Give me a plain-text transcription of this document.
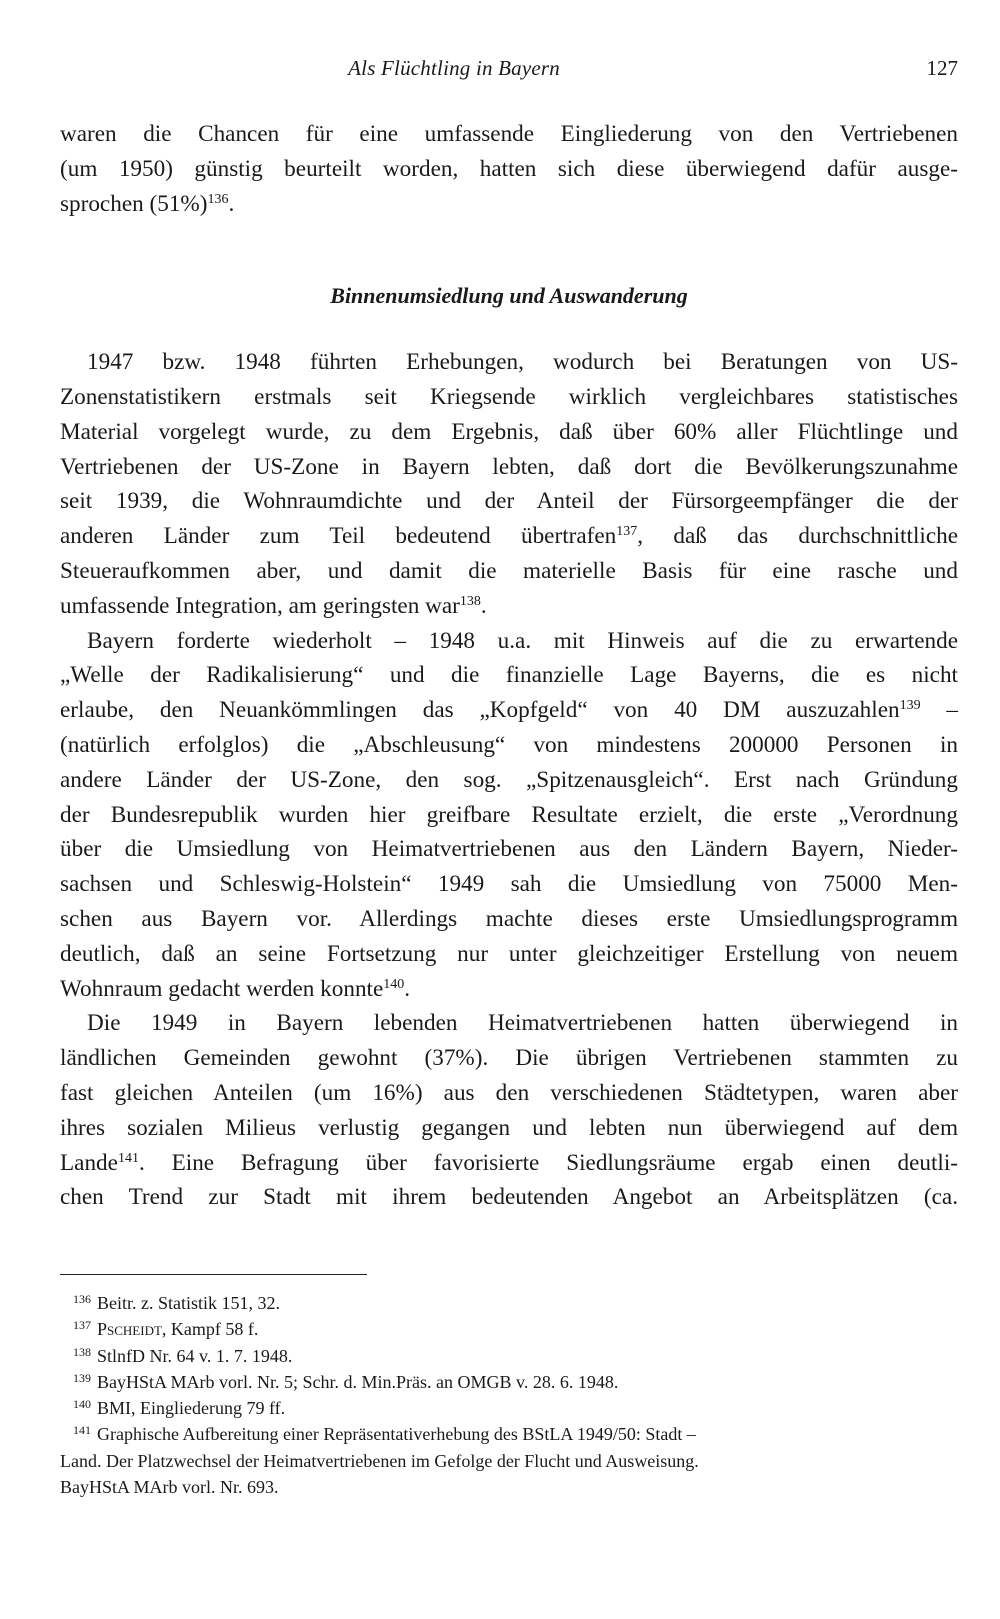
Als Flüchtling in Bayern	127

waren die Chancen für eine umfassende Eingliederung von den Vertriebenen
(um 1950) günstig beurteilt worden, hatten sich diese überwiegend dafür ausge-
sprochen $(51\%)^{136}$.

Binnenumsiedlung und Auswanderung

1947 bzw. 1948 führten Erhebungen, wodurch bei Beratungen von US-
Zonenstatistikern erstmals seit Kriegsende wirklich vergleichbares statistisches
Material vorgelegt wurde, zu dem Ergebnis, daß über 60% aller Flüchtlinge und
Vertriebenen der US-Zone in Bayern lebten, daß dort die Bevölkerungszunahme
seit 1939, die Wohnraumdichte und der Anteil der Fürsorgeempfänger die der
anderen Länder zum Teil bedeutend übertrafen$^{137}$, daß das durchschnittliche
Steueraufkommen aber, und damit die materielle Basis für eine rasche und
umfassende Integration, am geringsten war$^{138}$.

Bayern forderte wiederholt – 1948 u.a. mit Hinweis auf die zu erwartende
„Welle der Radikalisierung“ und die finanzielle Lage Bayerns, die es nicht
erlaube, den Neuankömmlingen das „Kopfgeld“ von 40 DM auszuzahlen$^{139}$ –
(natürlich erfolglos) die „Abschleusung“ von mindestens 200000 Personen in
andere Länder der US-Zone, den sog. „Spitzenausgleich“. Erst nach Gründung
der Bundesrepublik wurden hier greifbare Resultate erzielt, die erste „Verordnung
über die Umsiedlung von Heimatvertriebenen aus den Ländern Bayern, Nieder-
sachsen und Schleswig-Holstein“ 1949 sah die Umsiedlung von 75000 Men-
schen aus Bayern vor. Allerdings machte dieses erste Umsiedlungsprogramm
deutlich, daß an seine Fortsetzung nur unter gleichzeitiger Erstellung von neuem
Wohnraum gedacht werden konnte$^{140}$.

Die 1949 in Bayern lebenden Heimatvertriebenen hatten überwiegend in
ländlichen Gemeinden gewohnt (37%). Die übrigen Vertriebenen stammten zu
fast gleichen Anteilen (um 16%) aus den verschiedenen Städtetypen, waren aber
ihres sozialen Milieus verlustig gegangen und lebten nun überwiegend auf dem
Lande$^{141}$. Eine Befragung über favorisierte Siedlungsräume ergab einen deutli-
chen Trend zur Stadt mit ihrem bedeutenden Angebot an Arbeitsplätzen (ca.

$^{136}$ Beitr. z. Statistik 151, 32.
$^{137}$ Pscheidt, Kampf 58 f.
$^{138}$ StlnfD Nr. 64 v. 1. 7. 1948.
$^{139}$ BayHStA MArb vorl. Nr. 5; Schr. d. Min.Präs. an OMGB v. 28. 6. 1948.
$^{140}$ BMI, Eingliederung 79 ff.
$^{141}$ Graphische Aufbereitung einer Repräsentativerhebung des BStLA 1949/50: Stadt –
Land. Der Platzwechsel der Heimatvertriebenen im Gefolge der Flucht und Ausweisung.
BayHStA MArb vorl. Nr. 693.
